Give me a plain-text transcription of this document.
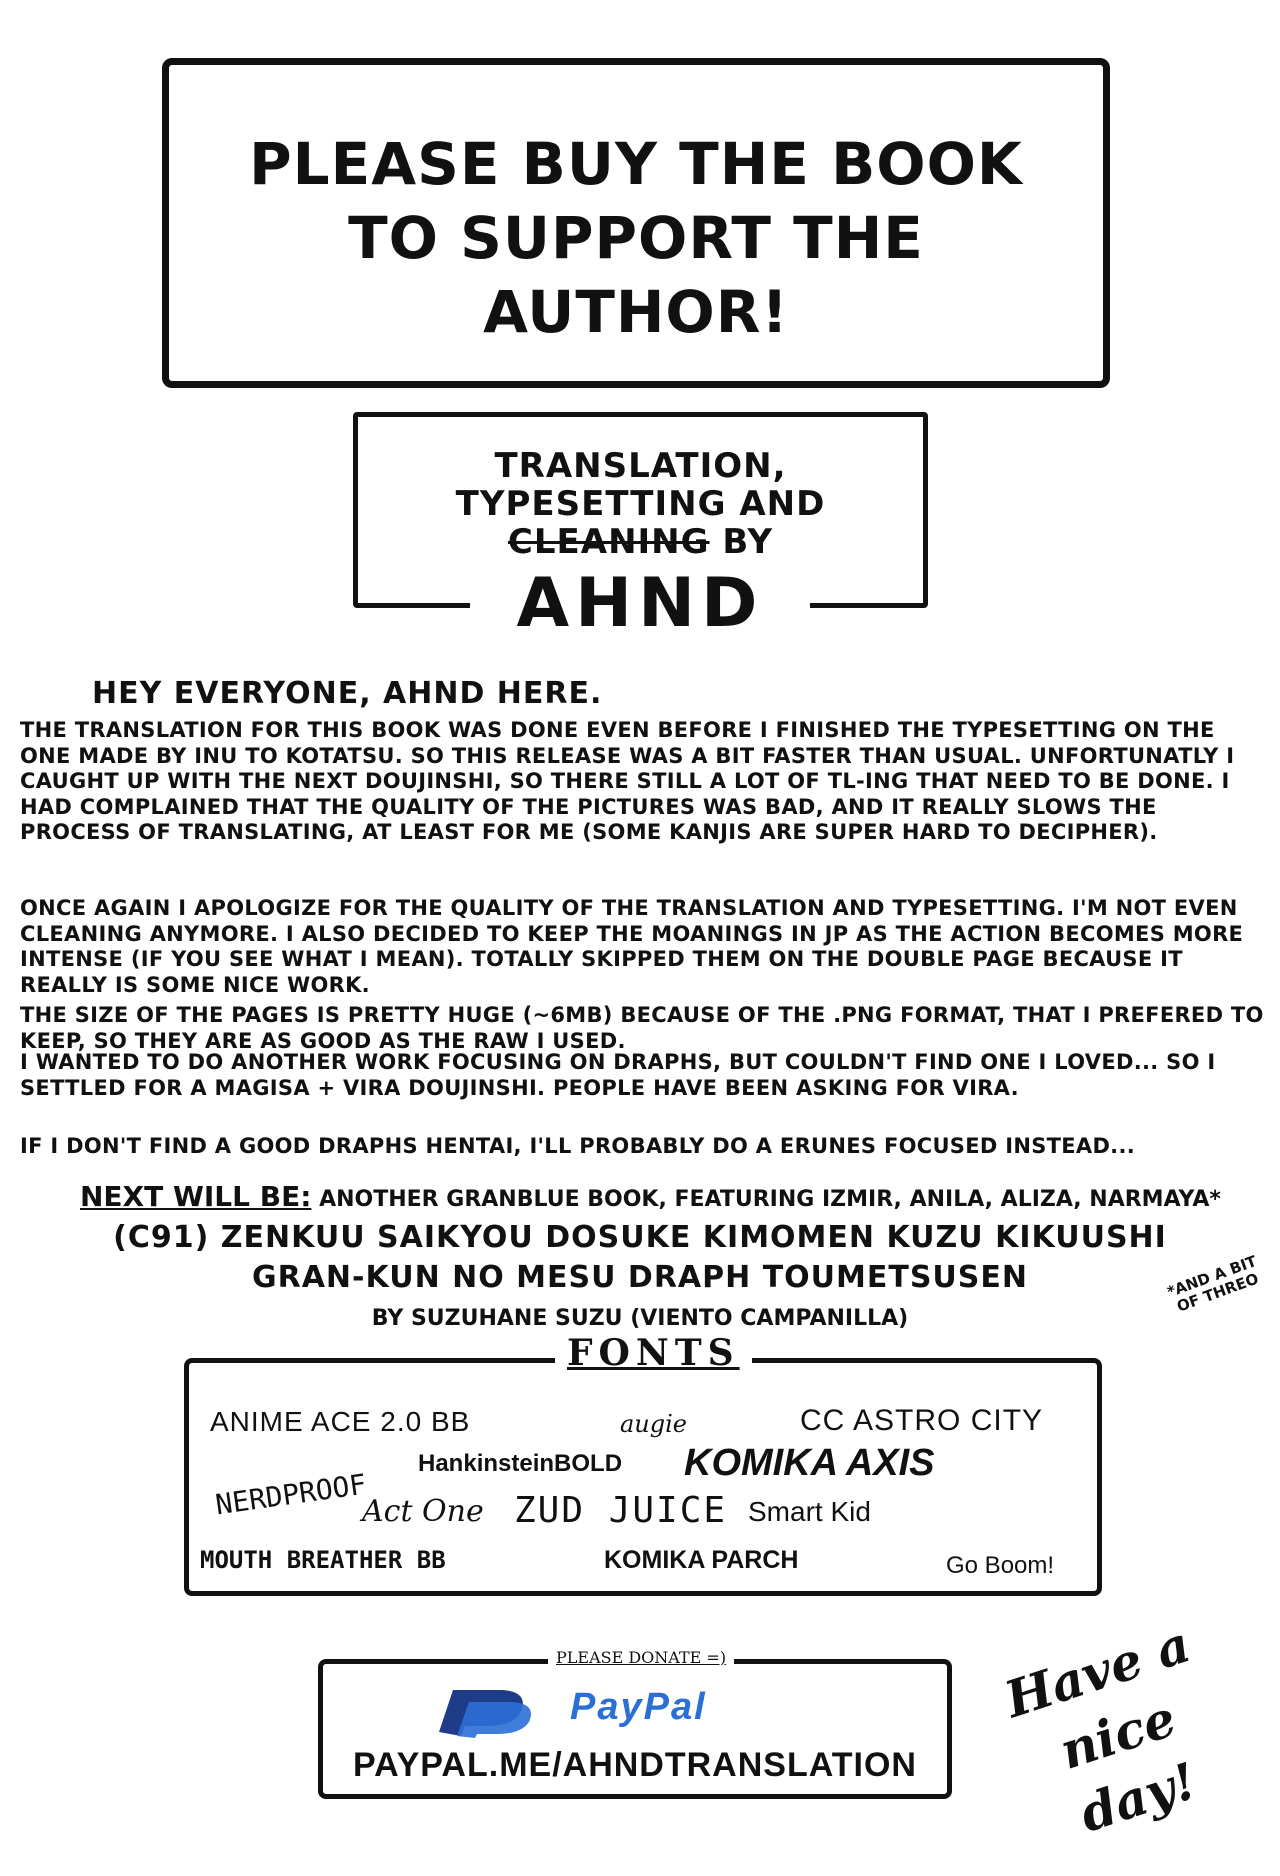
PLEASE BUY THE BOOK
TO SUPPORT THE
AUTHOR!
TRANSLATION,
TYPESETTING AND
CLEANING BY
AHND
HEY EVERYONE, AHND HERE.
THE TRANSLATION FOR THIS BOOK WAS DONE EVEN BEFORE I FINISHED THE TYPESETTING ON THE ONE MADE BY INU TO KOTATSU. SO THIS RELEASE WAS A BIT FASTER THAN USUAL. UNFORTUNATLY I CAUGHT UP WITH THE NEXT DOUJINSHI, SO THERE STILL A LOT OF TL-ING THAT NEED TO BE DONE. I HAD COMPLAINED THAT THE QUALITY OF THE PICTURES WAS BAD, AND IT REALLY SLOWS THE PROCESS OF TRANSLATING, AT LEAST FOR ME (SOME KANJIS ARE SUPER HARD TO DECIPHER).
ONCE AGAIN I APOLOGIZE FOR THE QUALITY OF THE TRANSLATION AND TYPESETTING. I'M NOT EVEN CLEANING ANYMORE. I ALSO DECIDED TO KEEP THE MOANINGS IN JP AS THE ACTION BECOMES MORE INTENSE (IF YOU SEE WHAT I MEAN). TOTALLY SKIPPED THEM ON THE DOUBLE PAGE BECAUSE IT REALLY IS SOME NICE WORK.
THE SIZE OF THE PAGES IS PRETTY HUGE (~6MB) BECAUSE OF THE .PNG FORMAT, THAT I PREFERED TO KEEP, SO THEY ARE AS GOOD AS THE RAW I USED.
I WANTED TO DO ANOTHER WORK FOCUSING ON DRAPHS, BUT COULDN'T FIND ONE I LOVED... SO I SETTLED FOR A MAGISA + VIRA DOUJINSHI. PEOPLE HAVE BEEN ASKING FOR VIRA.
IF I DON'T FIND A GOOD DRAPHS HENTAI, I'LL PROBABLY DO A ERUNES FOCUSED INSTEAD...
NEXT WILL BE: ANOTHER GRANBLUE BOOK, FEATURING IZMIR, ANILA, ALIZA, NARMAYA*
(C91) ZENKUU SAIKYOU DOSUKE KIMOMEN KUZU KIKUUSHI
GRAN-KUN NO MESU DRAPH TOUMETSUSEN
BY SUZUHANE SUZU (VIENTO CAMPANILLA)
*AND A BIT OF THREO
FONTS
ANIME ACE 2.0 BB	augie	CC ASTRO CITY
HankinsteinBOLD KOMIKA AXIS
NERDPROOF
Act One ZUD JUICE Smart Kid
MOUTH BREATHER BB	KOMIKA PARCH	Go Boom!
PLEASE DONATE =)
PayPal
PAYPAL.ME/AHNDTRANSLATION
Have a nice
day!
